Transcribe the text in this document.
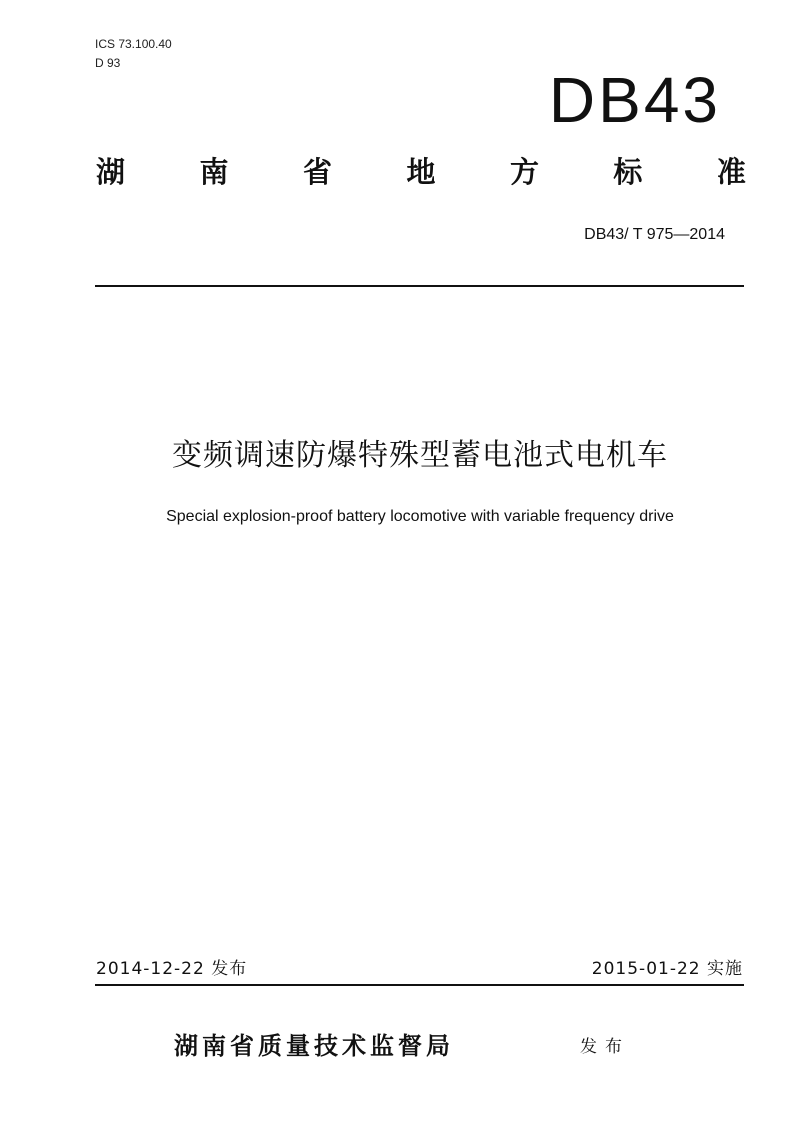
ICS 73.100.40
D 93
DB43
湖	南	省	地	方	标	准
DB43/ T 975—2014
变频调速防爆特殊型蓄电池式电机车
Special explosion-proof battery locomotive with variable frequency drive
2014-12-22 发布	2015-01-22 实施
湖南省质量技术监督局	发布
